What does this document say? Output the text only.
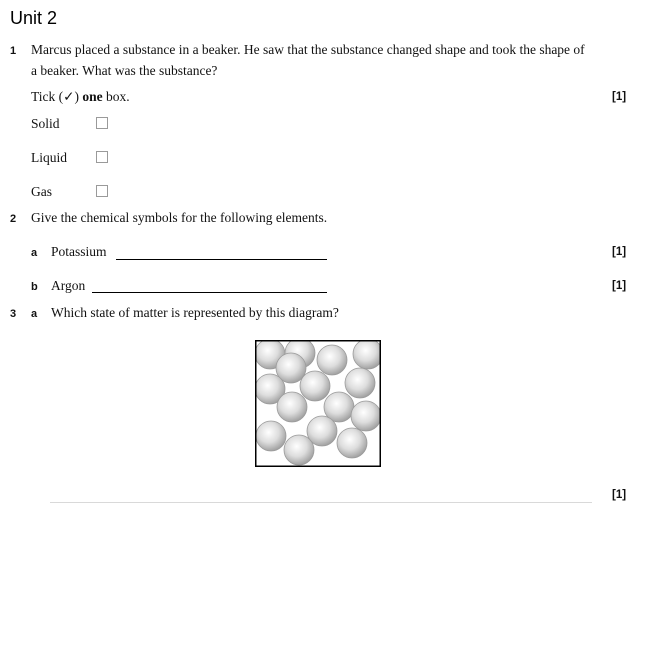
Unit 2
1 Marcus placed a substance in a beaker. He saw that the substance changed shape and took the shape of
a beaker. What was the substance?
Tick (✓) one box.	[1]
Solid
Liquid
Gas
2 Give the chemical symbols for the following elements.
a Potassium	[1]
b Argon	[1]
3 a Which state of matter is represented by this diagram?
[1]
